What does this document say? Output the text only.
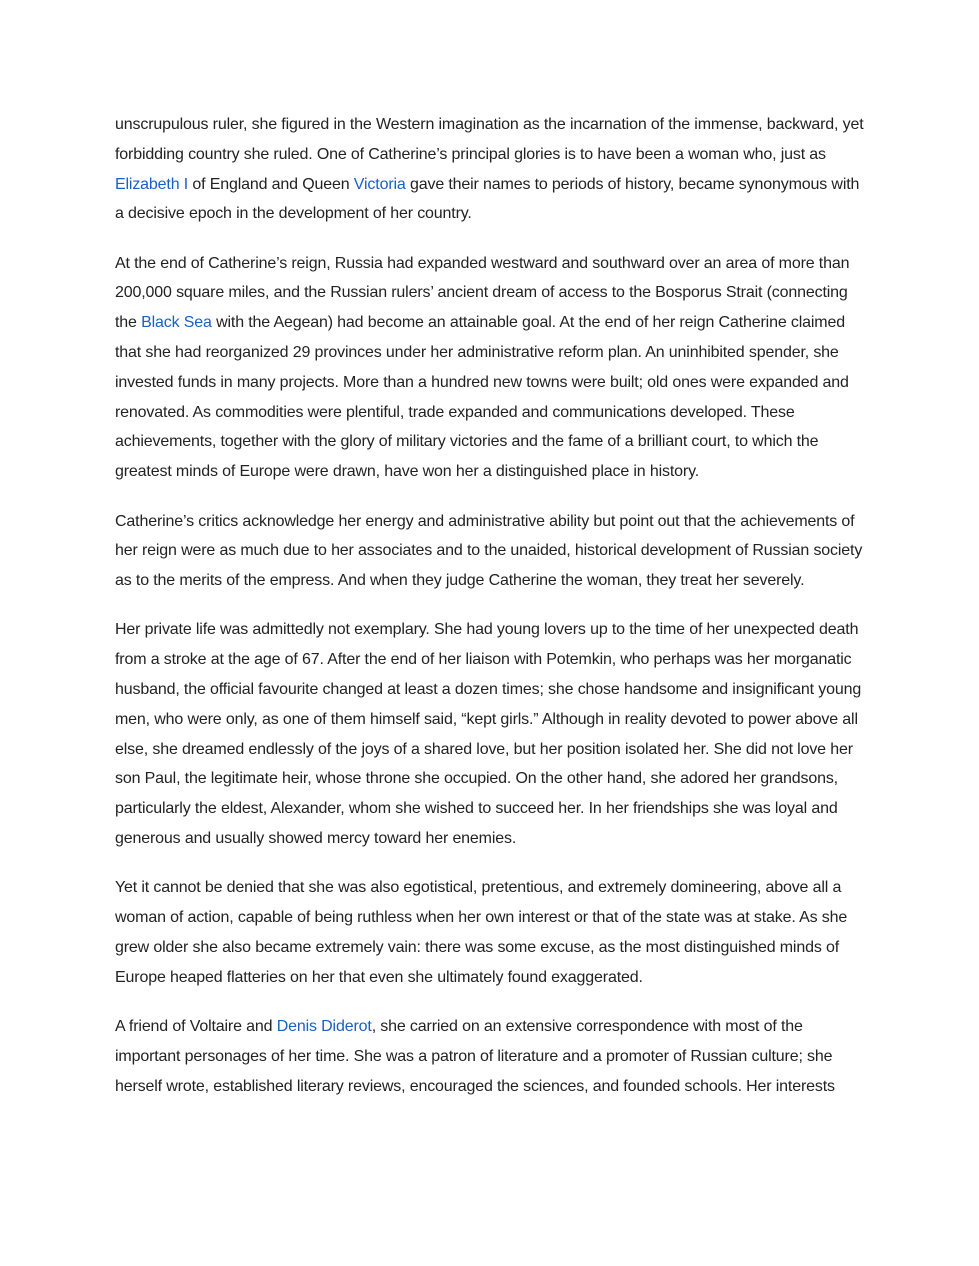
unscrupulous ruler, she figured in the Western imagination as the incarnation of the immense, backward, yet forbidding country she ruled. One of Catherine’s principal glories is to have been a woman who, just as Elizabeth I of England and Queen Victoria gave their names to periods of history, became synonymous with a decisive epoch in the development of her country.

At the end of Catherine’s reign, Russia had expanded westward and southward over an area of more than 200,000 square miles, and the Russian rulers’ ancient dream of access to the Bosporus Strait (connecting the Black Sea with the Aegean) had become an attainable goal. At the end of her reign Catherine claimed that she had reorganized 29 provinces under her administrative reform plan. An uninhibited spender, she invested funds in many projects. More than a hundred new towns were built; old ones were expanded and renovated. As commodities were plentiful, trade expanded and communications developed. These achievements, together with the glory of military victories and the fame of a brilliant court, to which the greatest minds of Europe were drawn, have won her a distinguished place in history.

Catherine’s critics acknowledge her energy and administrative ability but point out that the achievements of her reign were as much due to her associates and to the unaided, historical development of Russian society as to the merits of the empress. And when they judge Catherine the woman, they treat her severely.

Her private life was admittedly not exemplary. She had young lovers up to the time of her unexpected death from a stroke at the age of 67. After the end of her liaison with Potemkin, who perhaps was her morganatic husband, the official favourite changed at least a dozen times; she chose handsome and insignificant young men, who were only, as one of them himself said, “kept girls.” Although in reality devoted to power above all else, she dreamed endlessly of the joys of a shared love, but her position isolated her. She did not love her son Paul, the legitimate heir, whose throne she occupied. On the other hand, she adored her grandsons, particularly the eldest, Alexander, whom she wished to succeed her. In her friendships she was loyal and generous and usually showed mercy toward her enemies.

Yet it cannot be denied that she was also egotistical, pretentious, and extremely domineering, above all a woman of action, capable of being ruthless when her own interest or that of the state was at stake. As she grew older she also became extremely vain: there was some excuse, as the most distinguished minds of Europe heaped flatteries on her that even she ultimately found exaggerated.

A friend of Voltaire and Denis Diderot, she carried on an extensive correspondence with most of the important personages of her time. She was a patron of literature and a promoter of Russian culture; she herself wrote, established literary reviews, encouraged the sciences, and founded schools. Her interests
